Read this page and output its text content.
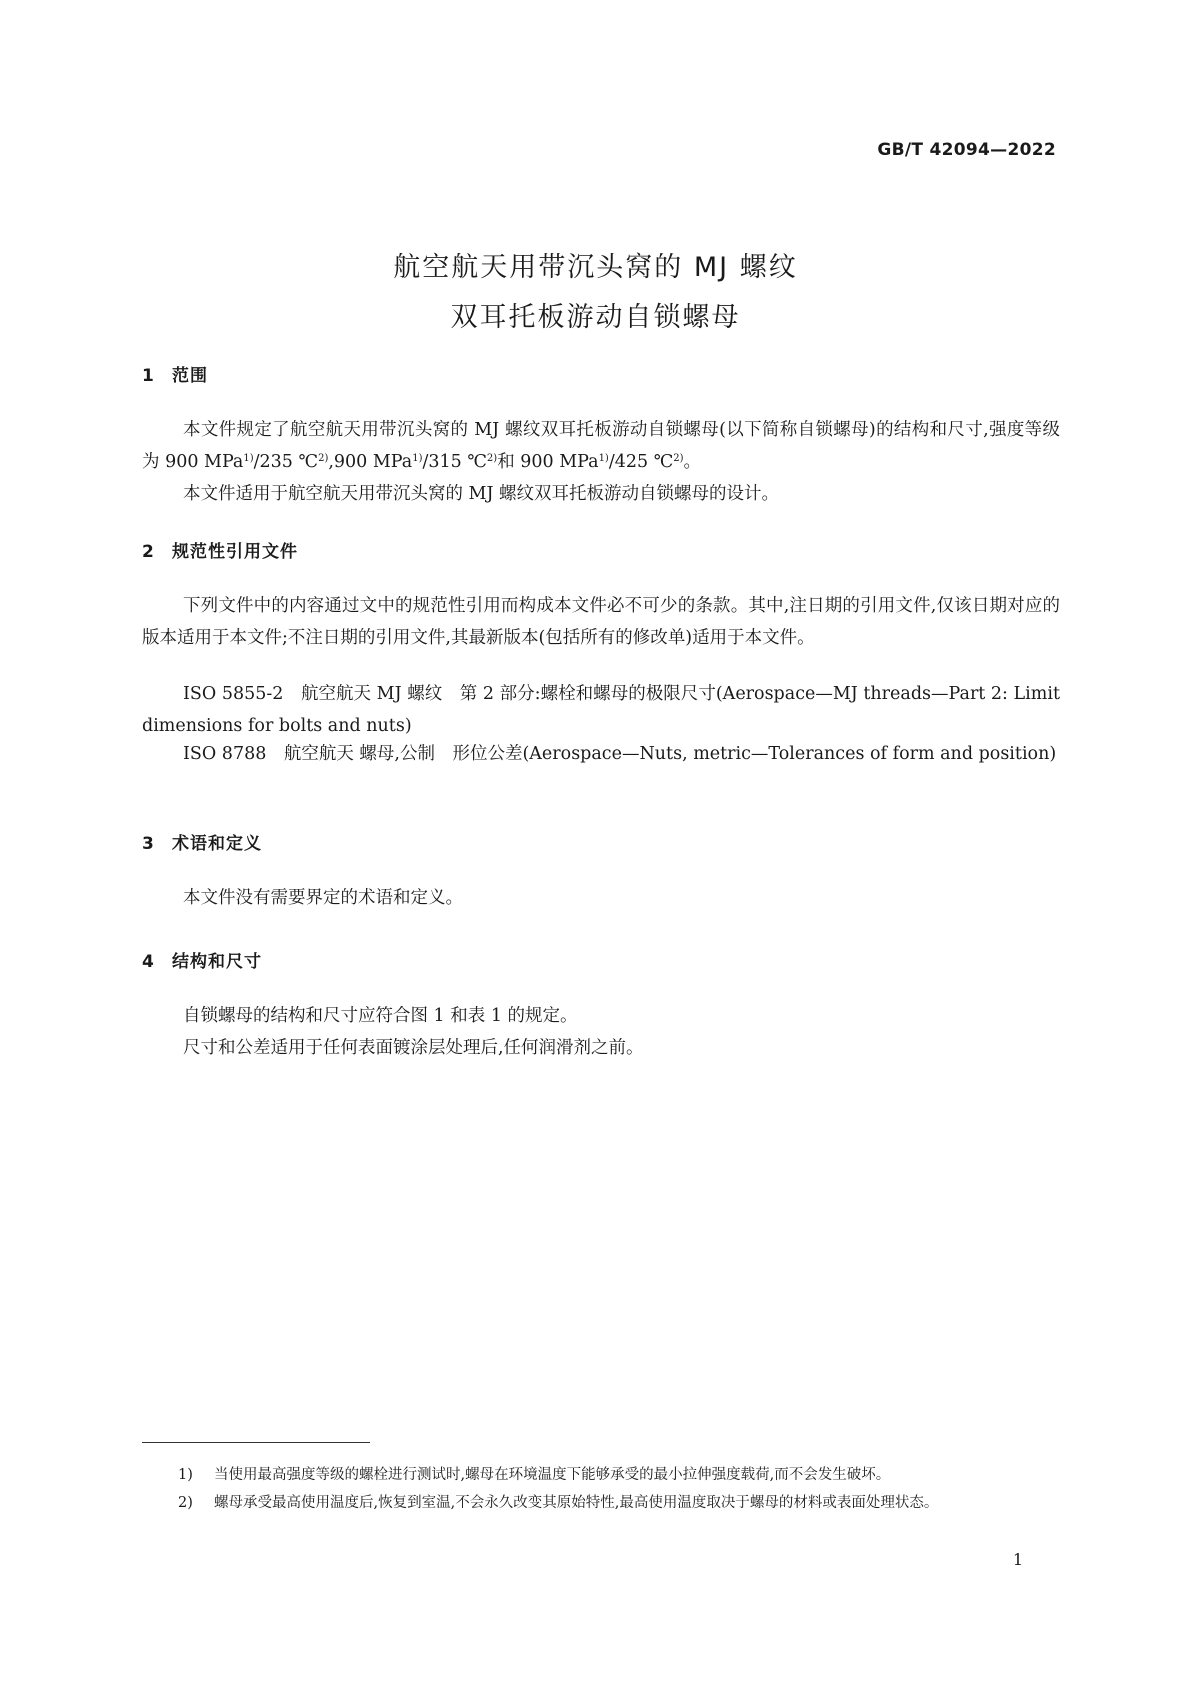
GB/T 42094—2022
航空航天用带沉头窝的 MJ 螺纹
双耳托板游动自锁螺母
1 范围
本文件规定了航空航天用带沉头窝的 MJ 螺纹双耳托板游动自锁螺母(以下简称自锁螺母)的结构和尺寸,强度等级为 900 MPa$^{1)}$/235 ℃$^{2)}$,900 MPa$^{1)}$/315 ℃$^{2)}$和 900 MPa$^{1)}$/425 ℃$^{2)}$。
本文件适用于航空航天用带沉头窝的 MJ 螺纹双耳托板游动自锁螺母的设计。
2 规范性引用文件
下列文件中的内容通过文中的规范性引用而构成本文件必不可少的条款。其中,注日期的引用文件,仅该日期对应的版本适用于本文件;不注日期的引用文件,其最新版本(包括所有的修改单)适用于本文件。
ISO 5855-2　航空航天 MJ 螺纹　第 2 部分:螺栓和螺母的极限尺寸(Aerospace—MJ threads—Part 2: Limit dimensions for bolts and nuts)
ISO 8788　航空航天 螺母,公制　形位公差(Aerospace—Nuts, metric—Tolerances of form and position)
3 术语和定义
本文件没有需要界定的术语和定义。
4 结构和尺寸
自锁螺母的结构和尺寸应符合图 1 和表 1 的规定。
尺寸和公差适用于任何表面镀涂层处理后,任何润滑剂之前。
1) 当使用最高强度等级的螺栓进行测试时,螺母在环境温度下能够承受的最小拉伸强度载荷,而不会发生破坏。
2) 螺母承受最高使用温度后,恢复到室温,不会永久改变其原始特性,最高使用温度取决于螺母的材料或表面处理状态。
1
